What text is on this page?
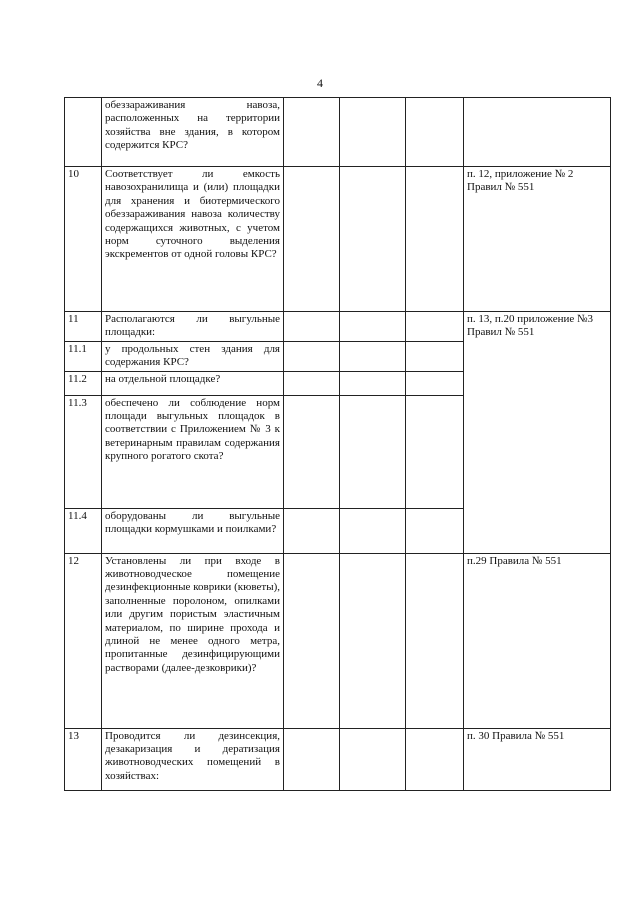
4
	обеззараживания навоза, расположенных на территории хозяйства вне здания, в котором содержится КРС?				
10	Соответствует ли емкость навозохранилища и (или) площадки для хранения и биотермического обеззараживания навоза количеству содержащихся животных, с учетом норм суточного выделения экскрементов от одной головы КРС?				п. 12, приложение № 2 Правил № 551
11	Располагаются ли выгульные площадки:				п. 13, п.20 приложение №3 Правил № 551

11.1	у продольных стен здания для содержания КРС?				
11.2	на отдельной площадке?				
11.3	обеспечено ли соблюдение норм площади выгульных площадок в соответствии с Приложением № 3 к ветеринарным правилам содержания крупного рогатого скота?				
11.4	оборудованы ли выгульные площадки кормушками и поилками?				
12	Установлены ли при входе в животноводческое помещение дезинфекционные коврики (кюветы), заполненные поролоном, опилками или другим пористым эластичным материалом, по ширине прохода и длиной не менее одного метра, пропитанные дезинфицирующими растворами (далее-дезковрики)?				п.29 Правила № 551
13	Проводится ли дезинсекция, дезакаризация и дератизация животноводческих помещений в хозяйствах:				п. 30 Правила № 551
